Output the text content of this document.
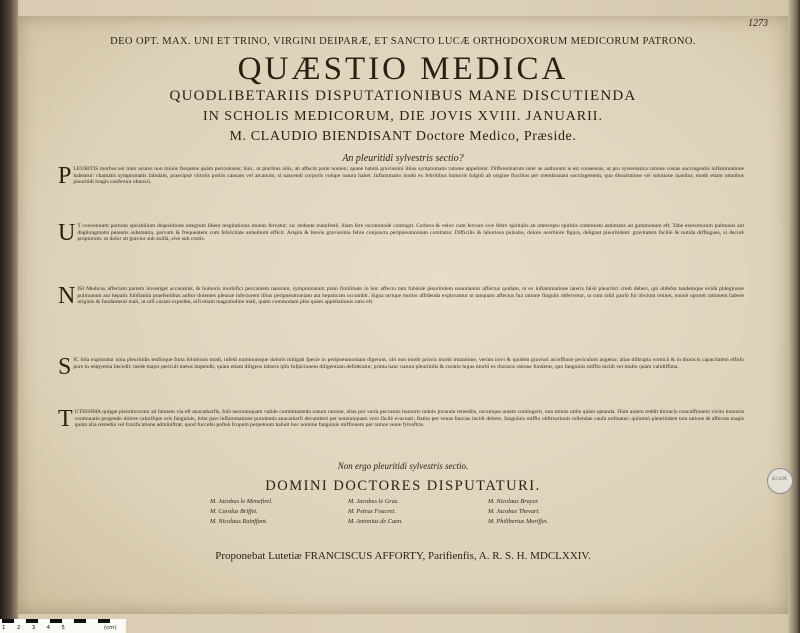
1273
DEO OPT. MAX. UNI ET TRINO, VIRGINI DEIPARÆ, ET SANCTO LUCÆ ORTHODOXORUM MEDICORUM PATRONO.
QUÆSTIO MEDICA
QUODLIBETARIIS DISPUTATIONIBUS MANE DISCUTIENDA
IN SCHOLIS MEDICORUM, DIE JOVIS XVIII. JANUARII.
M. CLAUDIO BIENDISANT Doctore Medico, Præside.
An pleuritidi sylvestris sectio?
P LEURITIS morbus est inter acutos non minùs frequens quàm periculosus; huic, ut pluribus aliis, ab affectâ parte nomen; quanè habitâ gravissimi illius symptomatis ratione appellatur. Differentiarum inter se authorum is est consensus, ut pro systematica ratione costas succingentis inflammatione habeatur: chamatis symptomatis fabulam, praecipuè virtutis potiùs causam vel arcanum, si nascendi corporis volupe natura habet. Inflammatio modò ex febrilibus humoris fulgidi ab origine fluxibus per membranam succingentem, quo dissolutione vel solutione inanitur, modò etiam omnibus pleuritidi magis conferunt obnoxii.
U T conveniunti partium spirabilium dispositione integrum libere respirationis munus fervatur; sic lædente manifestè, illam fere incommodè contingit. Cerbera & velox cum fervore sive febre spiritalis ab intercepto spiritûs commeatu asthmatis ad gummonum eft. Tabe exercetorum pulmonis aut diaphragmatis petentis substantia, parvum & frequentem cum febricitate anhelitum efficit. Ampla & brevis gravissima febre conjuncta peripneumoniam comitatur. Difficilis & laboriosa pulsatio, dolore acerbiore figura, delignat pleuritidem: gravitatem faciliè & nutida diffingues, si decorè propiorum, ut dolor sit gravior sub axillà, sive sub costis.
N ISI Medicus affectam partem investiget accuratiùs, & humoris morbifici peccantem naturam, symptomatum plani fimilitudo in hoc affectu tam fubdolè pleuritidem enuntiantur affectus quidam, ut ex inflammatione lateris falsò pleuritici credi deberi, qui obfefsa tandemque evidà phlegmone pulmonum aut hepatis fubftantià praefentibus auftor dolentes pleurae inferiorem illius peripneumoniam aut hepaticam occumbit. Signa utrique morbo affidenda explorantur ut tanquam affectus fua ratione fingulis obfervetur, ut cum nihil paulò fui obvium retinet, nonnè oportet rationem habere originis & fundamenti mali, ut nifi curam expedite, nifi etiam magnitudine mali, quàm commodam plùs quàm appellationis ratio eft.
S IC fola exploratur nota pleuritidis tenfioque furta folutionis modi, infedi numinumque doloris mitigati fpecie in peripneumoniam digerunt, ubi non modò prioris morbi mutatione, verùm novi & quidem graviori acceffione periculum augetur; alias diftrupta vomicâ & in thoracis capacitatem effufo pure in empyema fæcedit; mede major periculi metus impendit, quàm etiam diligens laboris ipfo fufpicionem diligentiam defideratur; prima hanc natura pleuritidis & curatio hujus morbi ex thoracis ratione fundetur, quo fanguinis miffio incidi vel multo quàm validiffima.
T UTISSIMA quippe pleuriticorum ad falutem via eft anacatharfis, folà necnumquam valide commitatenda natura ratione, alias pro varià peccantis humoris indole juvanda remediis, utcumque autem contingerit, non minùs utilis quàm optanda. Dùm autem reddit thoracis concuffionem vicini humoris continuatio pergendo dolore calorifque oris fanguinis, folet pars inflammatione purulentis anacatharfi decumberi per nonnunquam vero fàcilè evacuari; ftatim per venas fancias incidi debere, fanguinis miffio obftructionis tollendae caufa ordinatur; quinimò pleuritidem tota ratione & affectas magis quàm alia remedia vel fcarificatione adminiftrat; quod fuccefsi pofteà fcopum perpetuum habuit hoc nomine fanguinis miffionem per ramos venæ fylveftris.
Non ergo pleuritidi sylvestris sectio.
DOMINI DOCTORES DISPUTATURI.
M. Jacobus le Meneftrel.
M. Carolus Briffet.
M. Nicolaus Rainffant.
M. Jacobus le Gras.
M. Petrus Foucret.
M. Antonius de Caen.
M. Nicolaus Brayer.
M. Jacobus Thevart.
M. Philibertus Morifſet.
Proponebat Lutetiæ FRANCISCUS AFFORTY, Parifienfis, A. R. S. H. MDCLXXIV.
B.I.U.M.
1 2 3 4 5	(cm)
